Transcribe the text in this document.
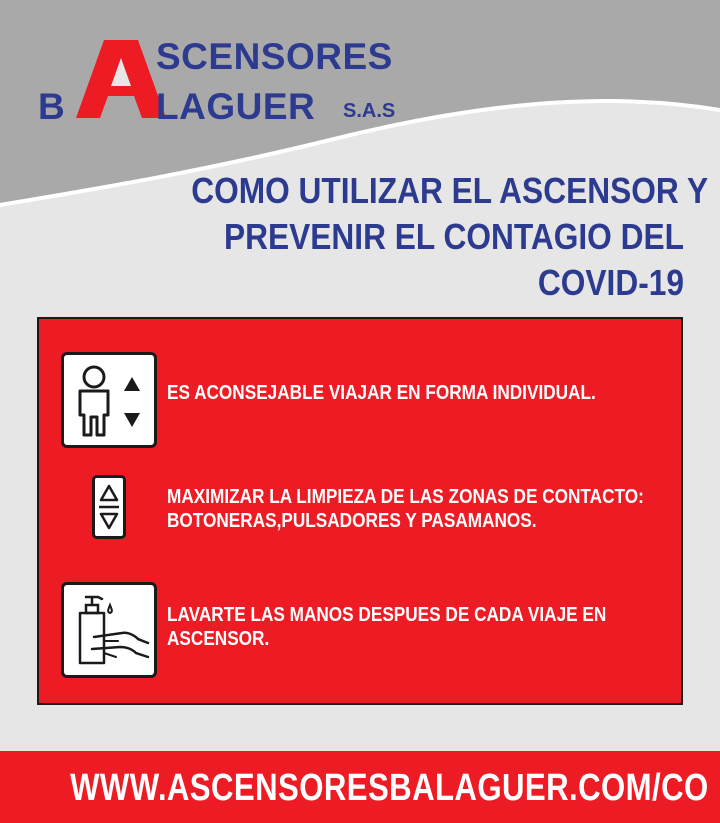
SCENSORES
B LAGUER S.A.S
COMO UTILIZAR EL ASCENSOR Y
PREVENIR EL CONTAGIO DEL
COVID-19
ES ACONSEJABLE VIAJAR EN FORMA INDIVIDUAL.
MAXIMIZAR LA LIMPIEZA DE LAS ZONAS DE CONTACTO:
BOTONERAS,PULSADORES Y PASAMANOS.
LAVARTE LAS MANOS DESPUES DE CADA VIAJE EN
ASCENSOR.
WWW.ASCENSORESBALAGUER.COM/CO
